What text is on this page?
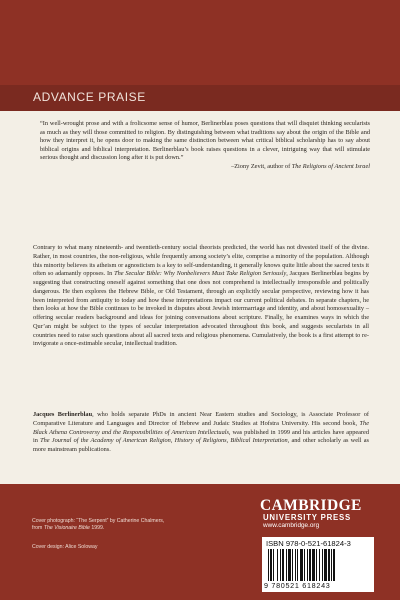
ADVANCE PRAISE

“In well-wrought prose and with a frolicsome sense of humor, Berlinerblau poses questions that will disquiet thinking secularists as much as they will those committed to religion. By distinguishing between what traditions say about the origin of the Bible and how they interpret it, he opens door to making the same distinction between what critical biblical scholarship has to say about biblical origins and biblical interpretation. Berlinerblau’s book raises questions in a clever, intriguing way that will stimulate serious thought and discussion long after it is put down.”

–Ziony Zevit, author of The Religions of Ancient Israel

Contrary to what many nineteenth- and twentieth-century social theorists predicted, the world has not divested itself of the divine. Rather, in most countries, the non-religious, while frequently among society’s elite, comprise a minority of the population. Although this minority believes its atheism or agnosticism is a key to self-understanding, it generally knows quite little about the sacred texts it often so adamantly opposes. In The Secular Bible: Why Nonbelievers Must Take Religion Seriously, Jacques Berlinerblau begins by suggesting that constructing oneself against something that one does not comprehend is intellectually irresponsible and politically dangerous. He then explores the Hebrew Bible, or Old Testament, through an explicitly secular perspective, reviewing how it has been interpreted from antiquity to today and how these interpretations impact our current political debates. In separate chapters, he then looks at how the Bible continues to be invoked in disputes about Jewish intermarriage and identity, and about homosexuality – offering secular readers background and ideas for joining conversations about scripture. Finally, he examines ways in which the Qur’an might be subject to the types of secular interpretation advocated throughout this book, and suggests secularists in all countries need to raise such questions about all sacred texts and religious phenomena. Cumulatively, the book is a first attempt to re-invigorate a once-estimable secular, intellectual tradition.

Jacques Berlinerblau, who holds separate PhDs in ancient Near Eastern studies and Sociology, is Associate Professor of Comparative Literature and Languages and Director of Hebrew and Judaic Studies at Hofstra University. His second book, The Black Athena Controversy and the Responsibilities of American Intellectuals, was published in 1999 and his articles have appeared in The Journal of the Academy of American Religion, History of Religions, Biblical Interpretation, and other scholarly as well as more mainstream publications.

Cover photograph: “The Serpent” by Catherine Chalmers,
from The Visionaire Bible 1999.
Cover design: Alice Soloway
CAMBRIDGE
UNIVERSITY PRESS
www.cambridge.org
ISBN 978-0-521-61824-3
9 780521 618243
